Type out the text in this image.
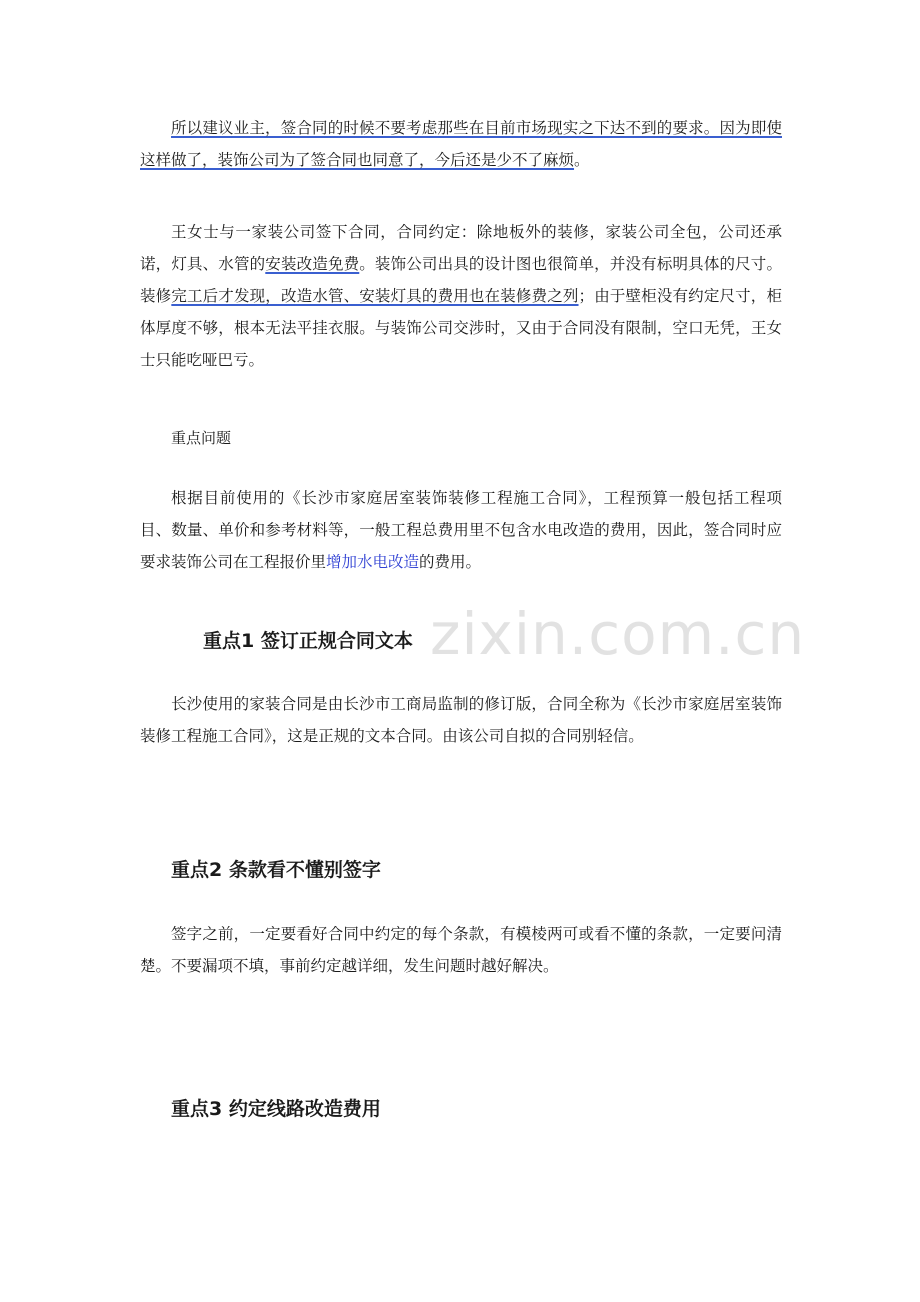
zixin.com.cn

所以建议业主，签合同的时候不要考虑那些在目前市场现实之下达不到的要求。因为即使这样做了，装饰公司为了签合同也同意了，今后还是少不了麻烦。

王女士与一家装公司签下合同，合同约定：除地板外的装修，家装公司全包，公司还承诺，灯具、水管的安装改造免费。装饰公司出具的设计图也很简单，并没有标明具体的尺寸。装修完工后才发现，改造水管、安装灯具的费用也在装修费之列；由于壁柜没有约定尺寸，柜体厚度不够，根本无法平挂衣服。与装饰公司交涉时，又由于合同没有限制，空口无凭，王女士只能吃哑巴亏。

重点问题

根据目前使用的《长沙市家庭居室装饰装修工程施工合同》，工程预算一般包括工程项目、数量、单价和参考材料等，一般工程总费用里不包含水电改造的费用，因此，签合同时应要求装饰公司在工程报价里增加水电改造的费用。

重点1 签订正规合同文本

长沙使用的家装合同是由长沙市工商局监制的修订版，合同全称为《长沙市家庭居室装饰装修工程施工合同》，这是正规的文本合同。由该公司自拟的合同别轻信。

重点2 条款看不懂别签字

签字之前，一定要看好合同中约定的每个条款，有模棱两可或看不懂的条款，一定要问清楚。不要漏项不填，事前约定越详细，发生问题时越好解决。

重点3 约定线路改造费用
